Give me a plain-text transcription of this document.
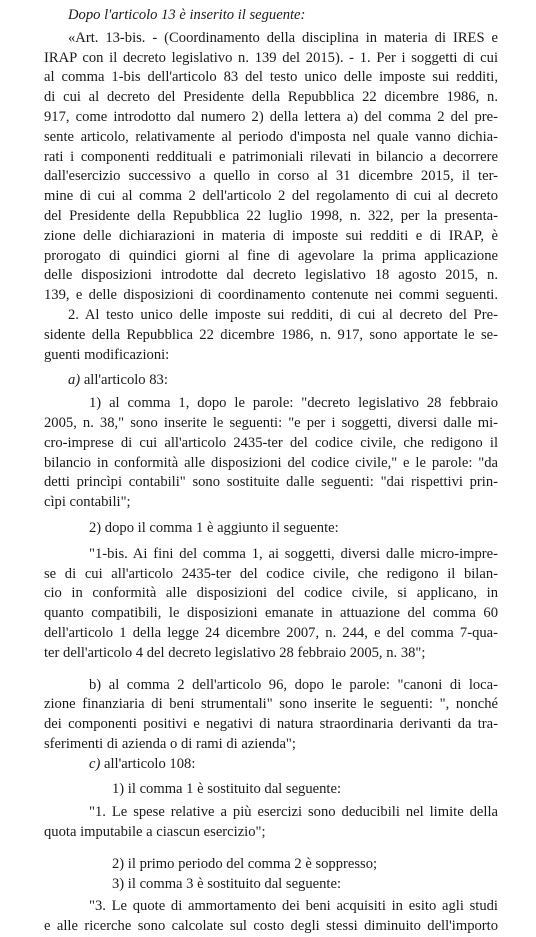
Dopo l'articolo 13 è inserito il seguente:

«Art. 13-bis. - (Coordinamento della disciplina in materia di IRES e
IRAP con il decreto legislativo n. 139 del 2015). - 1. Per i soggetti di cui
al comma 1-bis dell'articolo 83 del testo unico delle imposte sui redditi,
di cui al decreto del Presidente della Repubblica 22 dicembre 1986, n.
917, come introdotto dal numero 2) della lettera a) del comma 2 del pre-
sente articolo, relativamente al periodo d'imposta nel quale vanno dichia-
rati i componenti reddituali e patrimoniali rilevati in bilancio a decorrere
dall'esercizio successivo a quello in corso al 31 dicembre 2015, il ter-
mine di cui al comma 2 dell'articolo 2 del regolamento di cui al decreto
del Presidente della Repubblica 22 luglio 1998, n. 322, per la presenta-
zione delle dichiarazioni in materia di imposte sui redditi e di IRAP, è
prorogato di quindici giorni al fine di agevolare la prima applicazione
delle disposizioni introdotte dal decreto legislativo 18 agosto 2015, n.
139, e delle disposizioni di coordinamento contenute nei commi seguenti.

2. Al testo unico delle imposte sui redditi, di cui al decreto del Pre-
sidente della Repubblica 22 dicembre 1986, n. 917, sono apportate le se-
guenti modificazioni:

a) all'articolo 83:

1) al comma 1, dopo le parole: "decreto legislativo 28 febbraio
2005, n. 38," sono inserite le seguenti: "e per i soggetti, diversi dalle mi-
cro-imprese di cui all'articolo 2435-ter del codice civile, che redigono il
bilancio in conformità alle disposizioni del codice civile," e le parole: "da
detti princìpi contabili" sono sostituite dalle seguenti: "dai rispettivi prin-
cìpi contabili";

2) dopo il comma 1 è aggiunto il seguente:

"1-bis. Ai fini del comma 1, ai soggetti, diversi dalle micro-impre-
se di cui all'articolo 2435-ter del codice civile, che redigono il bilan-
cio in conformità alle disposizioni del codice civile, si applicano, in
quanto compatibili, le disposizioni emanate in attuazione del comma 60
dell'articolo 1 della legge 24 dicembre 2007, n. 244, e del comma 7-qua-
ter dell'articolo 4 del decreto legislativo 28 febbraio 2005, n. 38";

b) al comma 2 dell'articolo 96, dopo le parole: "canoni di loca-
zione finanziaria di beni strumentali" sono inserite le seguenti: ", nonché
dei componenti positivi e negativi di natura straordinaria derivanti da tra-
sferimenti di azienda o di rami di azienda";

c) all'articolo 108:

1) il comma 1 è sostituito dal seguente:

"1. Le spese relative a più esercizi sono deducibili nel limite della
quota imputabile a ciascun esercizio";

2) il primo periodo del comma 2 è soppresso;

3) il comma 3 è sostituito dal seguente:

"3. Le quote di ammortamento dei beni acquisiti in esito agli studi
e alle ricerche sono calcolate sul costo degli stessi diminuito dell'importo
